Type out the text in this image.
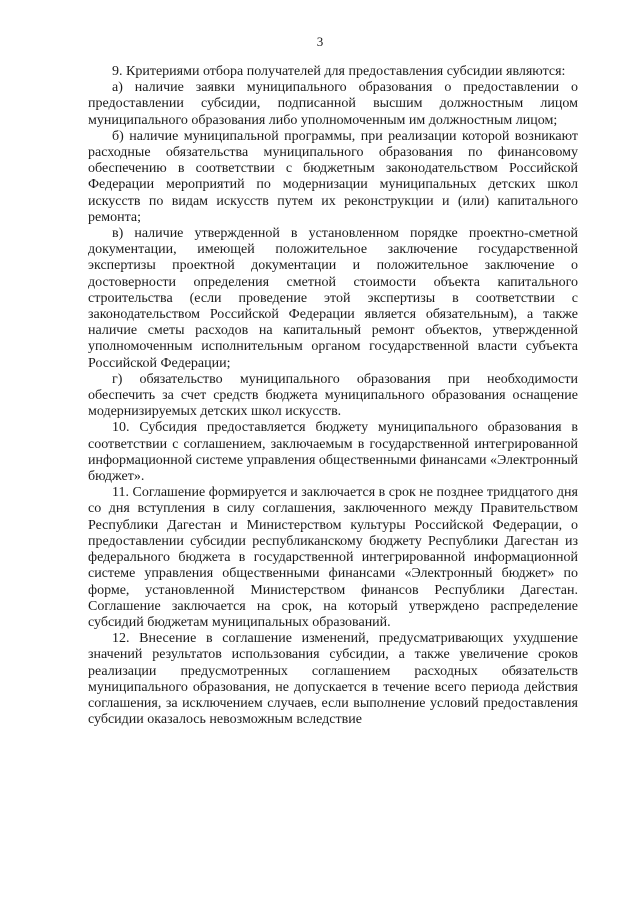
3

9. Критериями отбора получателей для предоставления субсидии являются:

а) наличие заявки муниципального образования о предоставлении о предоставлении субсидии, подписанной высшим должностным лицом муниципального образования либо уполномоченным им должностным лицом;

б) наличие муниципальной программы, при реализации которой возникают расходные обязательства муниципального образования по финансовому обеспечению в соответствии с бюджетным законодательством Российской Федерации мероприятий по модернизации муниципальных детских школ искусств по видам искусств путем их реконструкции и (или) капитального ремонта;

в) наличие утвержденной в установленном порядке проектно-сметной документации, имеющей положительное заключение государственной экспертизы проектной документации и положительное заключение о достоверности определения сметной стоимости объекта капитального строительства (если проведение этой экспертизы в соответствии с законодательством Российской Федерации является обязательным), а также наличие сметы расходов на капитальный ремонт объектов, утвержденной уполномоченным исполнительным органом государственной власти субъекта Российской Федерации;

г) обязательство муниципального образования при необходимости обеспечить за счет средств бюджета муниципального образования оснащение модернизируемых детских школ искусств.

10. Субсидия предоставляется бюджету муниципального образования в соответствии с соглашением, заключаемым в государственной интегрированной информационной системе управления общественными финансами «Электронный бюджет».

11. Соглашение формируется и заключается в срок не позднее тридцатого дня со дня вступления в силу соглашения, заключенного между Правительством Республики Дагестан и Министерством культуры Российской Федерации, о предоставлении субсидии республиканскому бюджету Республики Дагестан из федерального бюджета в государственной интегрированной информационной системе управления общественными финансами «Электронный бюджет» по форме, установленной Министерством финансов Республики Дагестан. Соглашение заключается на срок, на который утверждено распределение субсидий бюджетам муниципальных образований.

12. Внесение в соглашение изменений, предусматривающих ухудшение значений результатов использования субсидии, а также увеличение сроков реализации предусмотренных соглашением расходных обязательств муниципального образования, не допускается в течение всего периода действия соглашения, за исключением случаев, если выполнение условий предоставления субсидии оказалось невозможным вследствие
